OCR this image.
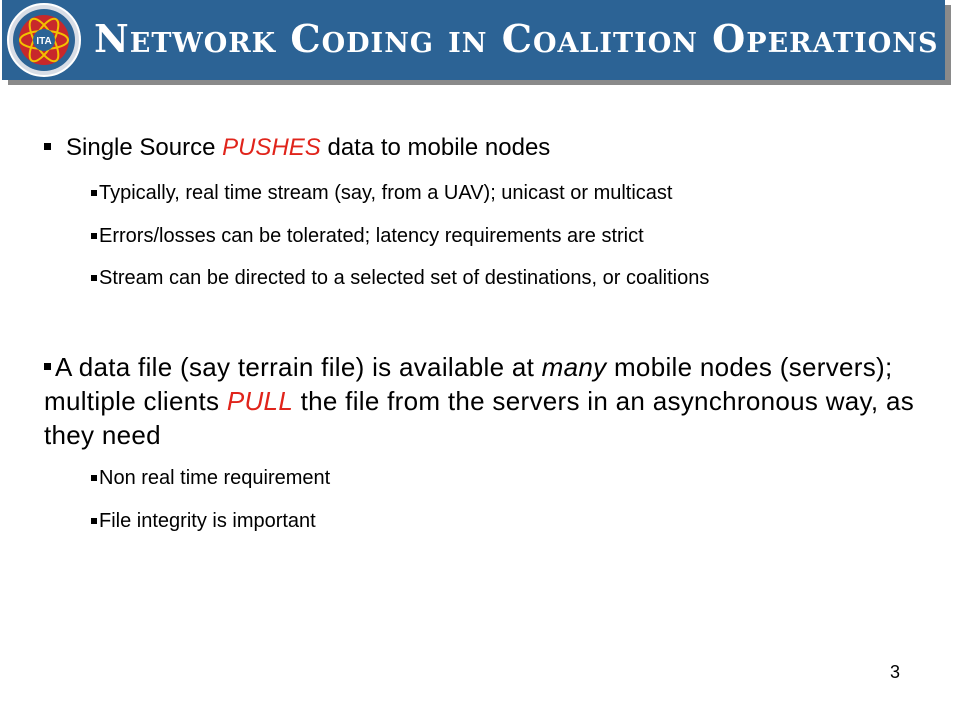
ITA Network Coding in Coalition Operations
Single Source PUSHES data to mobile nodes
Typically, real time stream (say, from a UAV); unicast or multicast
Errors/losses can be tolerated; latency requirements are strict
Stream can be directed to a selected set of destinations, or coalitions
A data file (say terrain file) is available at many mobile nodes (servers); multiple clients PULL the file from the servers in an asynchronous way, as they need
Non real time requirement
File integrity is important
3
